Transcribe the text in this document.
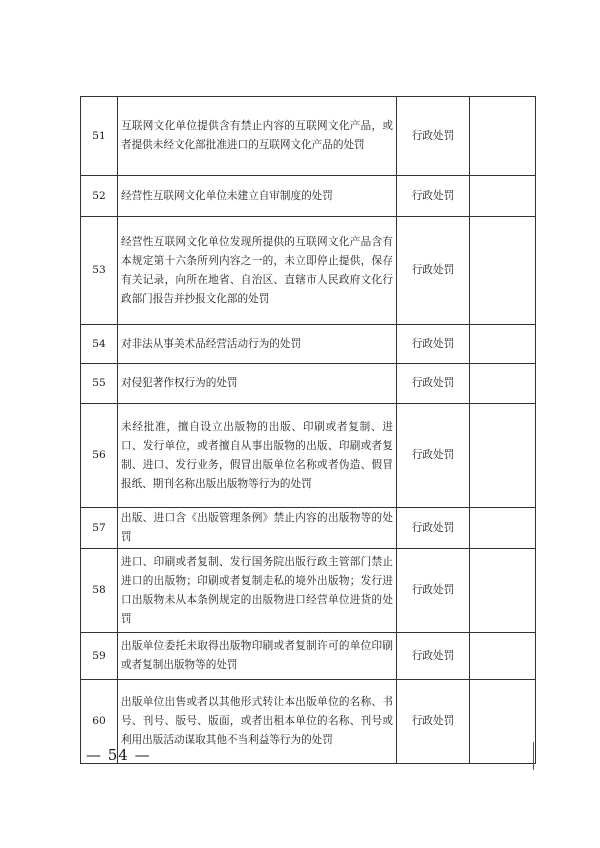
51	互联网文化单位提供含有禁止内容的互联网文化产品，或者提供未经文化部批准进口的互联网文化产品的处罚	行政处罚	
52	经营性互联网文化单位未建立自审制度的处罚	行政处罚	
53	经营性互联网文化单位发现所提供的互联网文化产品含有本规定第十六条所列内容之一的，未立即停止提供，保存有关记录，向所在地省、自治区、直辖市人民政府文化行政部门报告并抄报文化部的处罚	行政处罚	
54	对非法从事美术品经营活动行为的处罚	行政处罚	
55	对侵犯著作权行为的处罚	行政处罚	
56	未经批准，擅自设立出版物的出版、印刷或者复制、进口、发行单位，或者擅自从事出版物的出版、印刷或者复制、进口、发行业务，假冒出版单位名称或者伪造、假冒报纸、期刊名称出版出版物等行为的处罚	行政处罚	
57	出版、进口含《出版管理条例》禁止内容的出版物等的处罚	行政处罚	
58	进口、印刷或者复制、发行国务院出版行政主管部门禁止进口的出版物；印刷或者复制走私的境外出版物；发行进口出版物未从本条例规定的出版物进口经营单位进货的处罚	行政处罚	
59	出版单位委托未取得出版物印刷或者复制许可的单位印刷或者复制出版物等的处罚	行政处罚	
60	出版单位出售或者以其他形式转让本出版单位的名称、书号、刊号、版号、版面，或者出租本单位的名称、刊号或利用出版活动谋取其他不当利益等行为的处罚	行政处罚	
— 54 —
